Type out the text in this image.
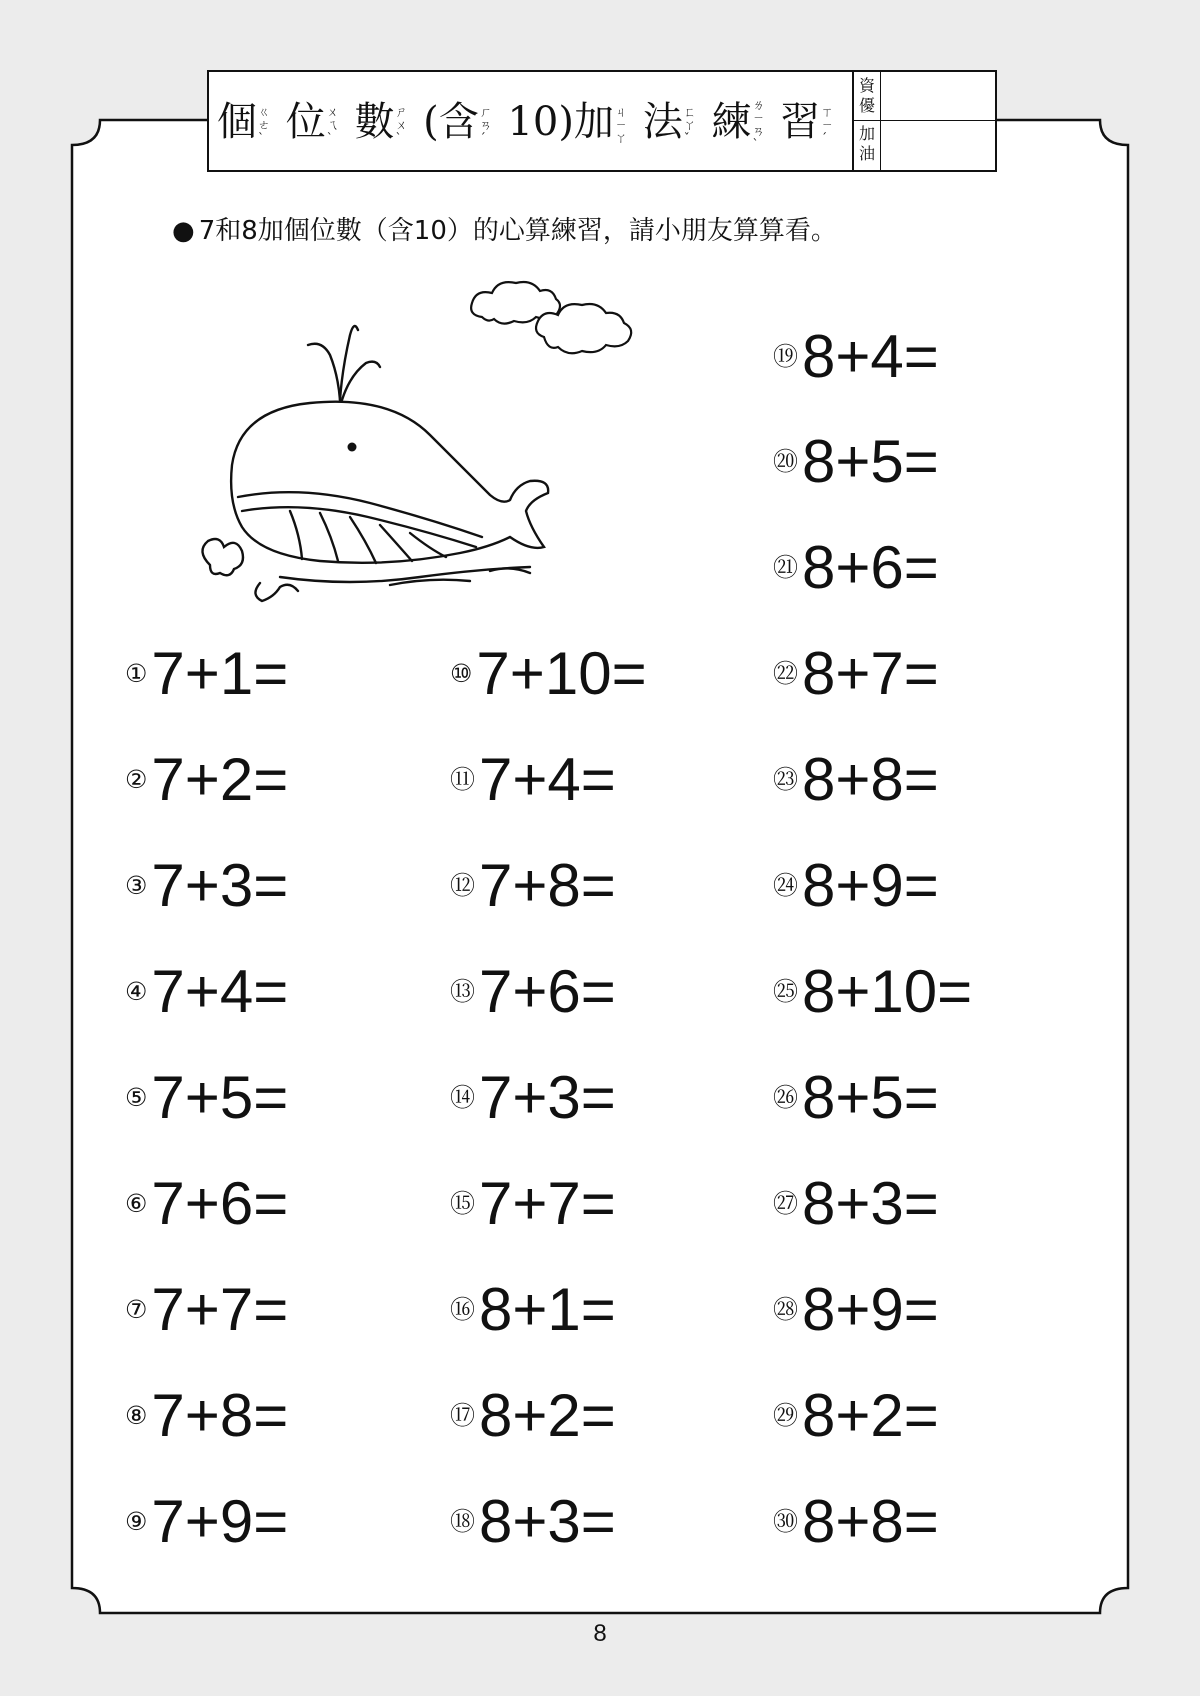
個ㄍㄜˋ 位ㄨㄟˋ 數ㄕㄨˋ (含ㄏㄢˊ 10)加ㄐㄧㄚ 法ㄈㄚˇ 練ㄌㄧㄢˋ 習ㄒㄧˊ
資優
加油
● 7和8加個位數（含10）的心算練習，請小朋友算算看。
①7+1=
②7+2=
③7+3=
④7+4=
⑤7+5=
⑥7+6=
⑦7+7=
⑧7+8=
⑨7+9=
⑩7+10=
⑪7+4=
⑫7+8=
⑬7+6=
⑭7+3=
⑮7+7=
⑯8+1=
⑰8+2=
⑱8+3=
⑲8+4=
⑳8+5=
㉑8+6=
㉒8+7=
㉓8+8=
㉔8+9=
㉕8+10=
㉖8+5=
㉗8+3=
㉘8+9=
㉙8+2=
㉚8+8=
8
